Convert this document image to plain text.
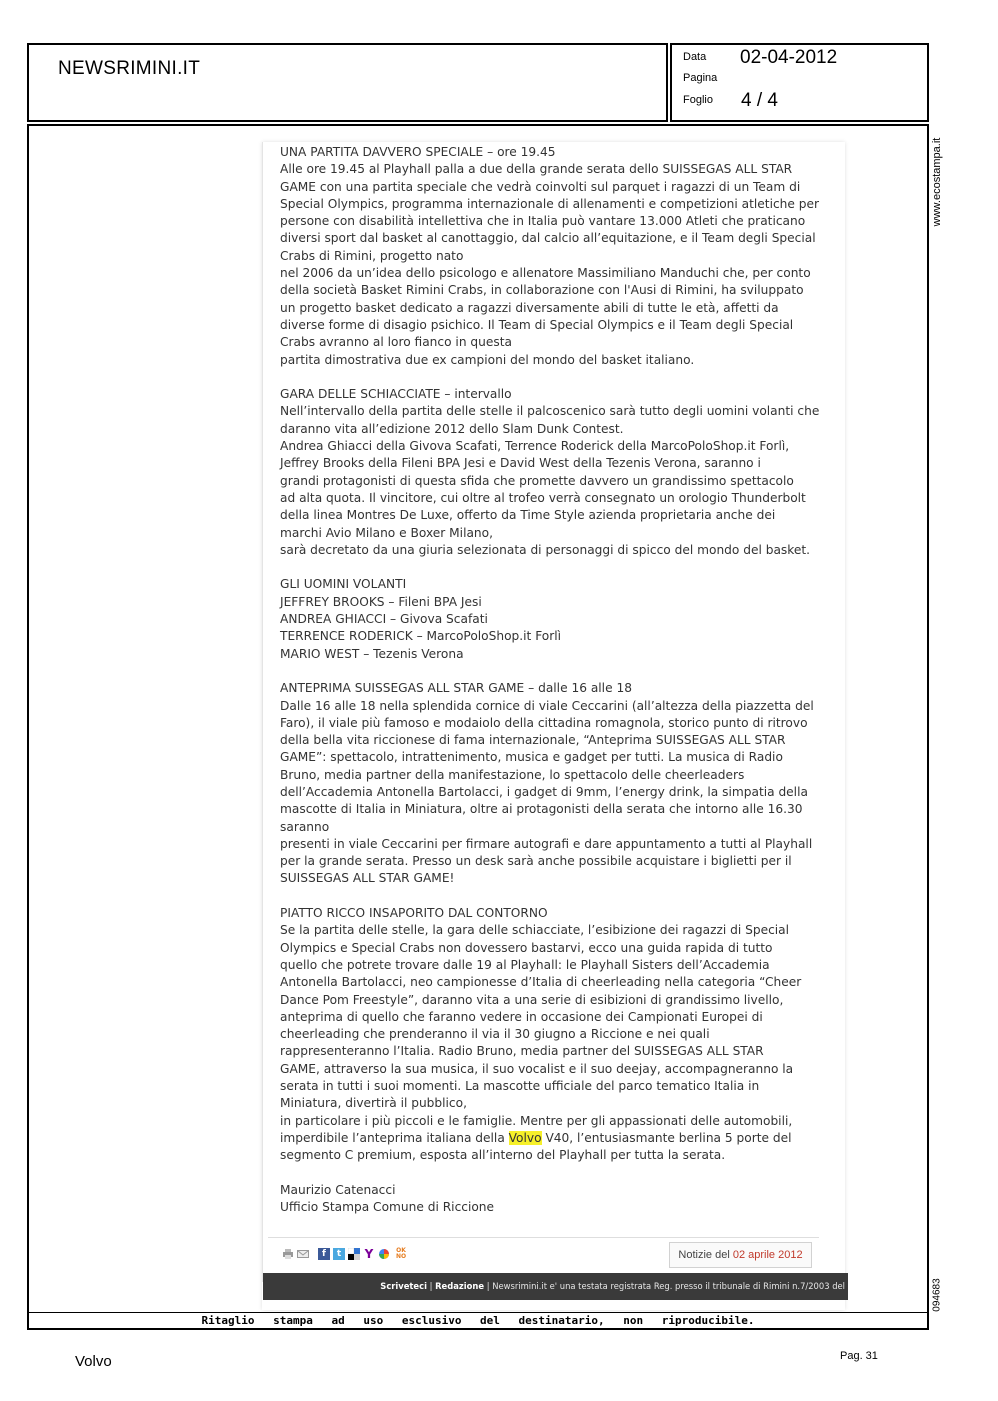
NEWSRIMINI.IT
Data
Pagina
Foglio
02-04-2012
4 / 4
www.ecostampa.it
094683
Ritaglio stampa ad uso esclusivo del destinatario, non riproducibile.

UNA PARTITA DAVVERO SPECIALE – ore 19.45

Alle ore 19.45 al Playhall palla a due della grande serata dello SUISSEGAS ALL STAR

GAME con una partita speciale che vedrà coinvolti sul parquet i ragazzi di un Team di

Special Olympics, programma internazionale di allenamenti e competizioni atletiche per

persone con disabilità intellettiva che in Italia può vantare 13.000 Atleti che praticano

diversi sport dal basket al canottaggio, dal calcio all’equitazione, e il Team degli Special

Crabs di Rimini, progetto nato

nel 2006 da un’idea dello psicologo e allenatore Massimiliano Manduchi che, per conto

della società Basket Rimini Crabs, in collaborazione con l'Ausi di Rimini, ha sviluppato

un progetto basket dedicato a ragazzi diversamente abili di tutte le età, affetti da

diverse forme di disagio psichico. Il Team di Special Olympics e il Team degli Special

Crabs avranno al loro fianco in questa

partita dimostrativa due ex campioni del mondo del basket italiano.

GARA DELLE SCHIACCIATE – intervallo

Nell’intervallo della partita delle stelle il palcoscenico sarà tutto degli uomini volanti che

daranno vita all’edizione 2012 dello Slam Dunk Contest.

Andrea Ghiacci della Givova Scafati, Terrence Roderick della MarcoPoloShop.it Forlì,

Jeffrey Brooks della Fileni BPA Jesi e David West della Tezenis Verona, saranno i

grandi protagonisti di questa sfida che promette davvero un grandissimo spettacolo

ad alta quota. Il vincitore, cui oltre al trofeo verrà consegnato un orologio Thunderbolt

della linea Montres De Luxe, offerto da Time Style azienda proprietaria anche dei

marchi Avio Milano e Boxer Milano,

sarà decretato da una giuria selezionata di personaggi di spicco del mondo del basket.

GLI UOMINI VOLANTI

JEFFREY BROOKS – Fileni BPA Jesi

ANDREA GHIACCI – Givova Scafati

TERRENCE RODERICK – MarcoPoloShop.it Forlì

MARIO WEST – Tezenis Verona

ANTEPRIMA SUISSEGAS ALL STAR GAME – dalle 16 alle 18

Dalle 16 alle 18 nella splendida cornice di viale Ceccarini (all’altezza della piazzetta del

Faro), il viale più famoso e modaiolo della cittadina romagnola, storico punto di ritrovo

della bella vita riccionese di fama internazionale, “Anteprima SUISSEGAS ALL STAR

GAME”: spettacolo, intrattenimento, musica e gadget per tutti. La musica di Radio

Bruno, media partner della manifestazione, lo spettacolo delle cheerleaders

dell’Accademia Antonella Bartolacci, i gadget di 9mm, l’energy drink, la simpatia della

mascotte di Italia in Miniatura, oltre ai protagonisti della serata che intorno alle 16.30

saranno

presenti in viale Ceccarini per firmare autografi e dare appuntamento a tutti al Playhall

per la grande serata. Presso un desk sarà anche possibile acquistare i biglietti per il

SUISSEGAS ALL STAR GAME!

PIATTO RICCO INSAPORITO DAL CONTORNO

Se la partita delle stelle, la gara delle schiacciate, l’esibizione dei ragazzi di Special

Olympics e Special Crabs non dovessero bastarvi, ecco una guida rapida di tutto

quello che potrete trovare dalle 19 al Playhall: le Playhall Sisters dell’Accademia

Antonella Bartolacci, neo campionesse d’Italia di cheerleading nella categoria “Cheer

Dance Pom Freestyle”, daranno vita a una serie di esibizioni di grandissimo livello,

anteprima di quello che faranno vedere in occasione dei Campionati Europei di

cheerleading che prenderanno il via il 30 giugno a Riccione e nei quali

rappresenteranno l’Italia. Radio Bruno, media partner del SUISSEGAS ALL STAR

GAME, attraverso la sua musica, il suo vocalist e il suo deejay, accompagneranno la

serata in tutti i suoi momenti. La mascotte ufficiale del parco tematico Italia in

Miniatura, divertirà il pubblico,

in particolare i più piccoli e le famiglie. Mentre per gli appassionati delle automobili,

imperdibile l’anteprima italiana della Volvo V40, l’entusiasmante berlina 5 porte del

segmento C premium, esposta all’interno del Playhall per tutta la serata.

Maurizio Catenacci

Ufficio Stampa Comune di Riccione

f	t	Y	OK NO	Notizie del 02 aprile 2012
Scriveteci | Redazione | Newsrimini.it e' una testata registrata Reg. presso il tribunale di Rimini n.7/2003 del
Volvo	Pag. 31
